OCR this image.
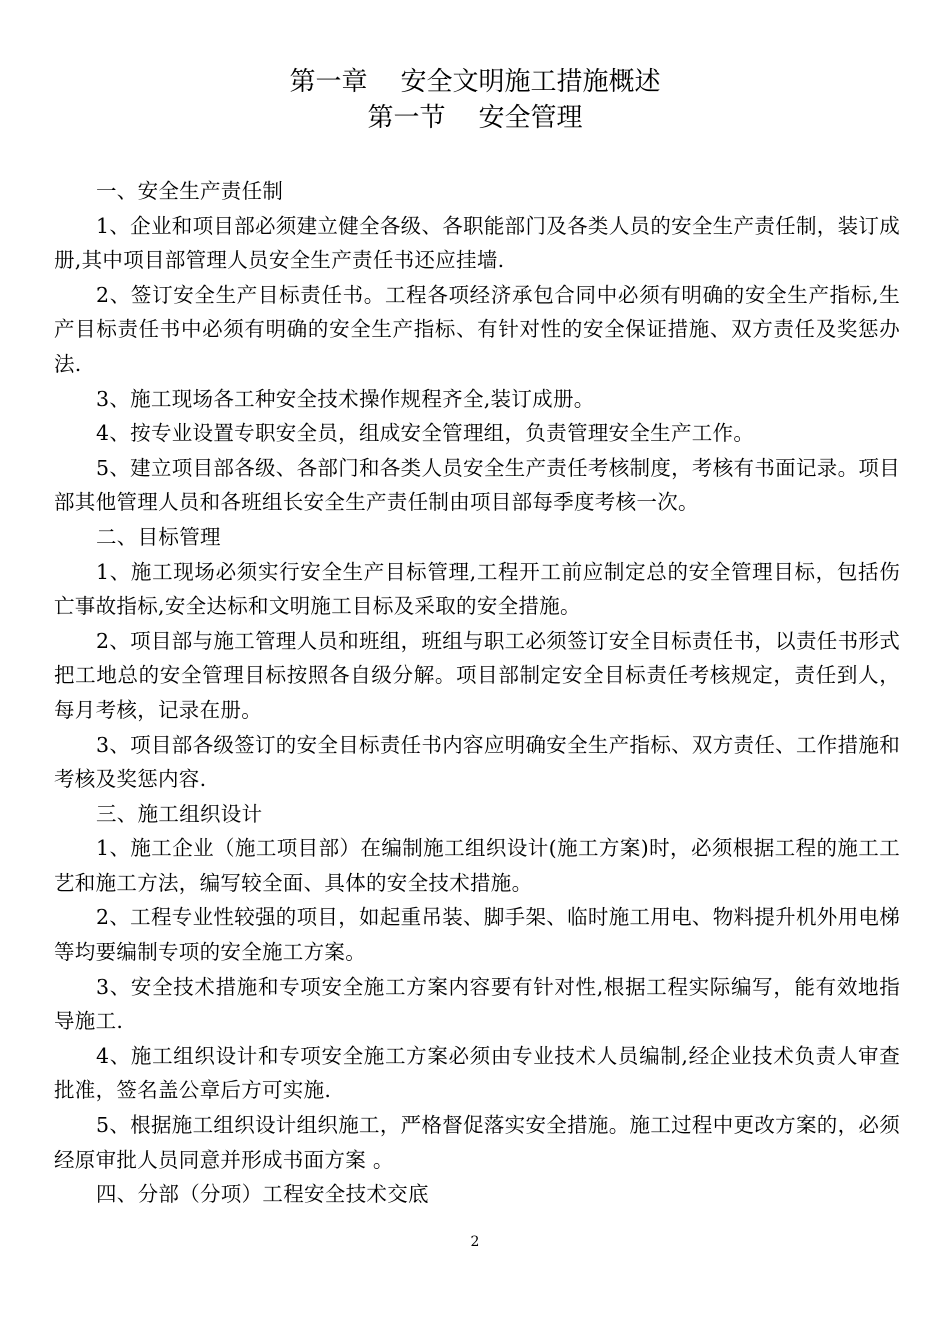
第一章    安全文明施工措施概述
第一节    安全管理

一、安全生产责任制

1、企业和项目部必须建立健全各级、各职能部门及各类人员的安全生产责任制，装订成册,其中项目部管理人员安全生产责任书还应挂墙.

2、签订安全生产目标责任书。工程各项经济承包合同中必须有明确的安全生产指标,生产目标责任书中必须有明确的安全生产指标、有针对性的安全保证措施、双方责任及奖惩办法.

3、施工现场各工种安全技术操作规程齐全,装订成册。

4、按专业设置专职安全员，组成安全管理组，负责管理安全生产工作。

5、建立项目部各级、各部门和各类人员安全生产责任考核制度，考核有书面记录。项目部其他管理人员和各班组长安全生产责任制由项目部每季度考核一次。

二、目标管理

1、施工现场必须实行安全生产目标管理,工程开工前应制定总的安全管理目标，包括伤亡事故指标,安全达标和文明施工目标及采取的安全措施。

2、项目部与施工管理人员和班组，班组与职工必须签订安全目标责任书，以责任书形式把工地总的安全管理目标按照各自级分解。项目部制定安全目标责任考核规定，责任到人，每月考核，记录在册。

3、项目部各级签订的安全目标责任书内容应明确安全生产指标、双方责任、工作措施和考核及奖惩内容.

三、施工组织设计

1、施工企业（施工项目部）在编制施工组织设计(施工方案)时，必须根据工程的施工工艺和施工方法，编写较全面、具体的安全技术措施。

2、工程专业性较强的项目，如起重吊装、脚手架、临时施工用电、物料提升机外用电梯等均要编制专项的安全施工方案。

3、安全技术措施和专项安全施工方案内容要有针对性,根据工程实际编写，能有效地指导施工.

4、施工组织设计和专项安全施工方案必须由专业技术人员编制,经企业技术负责人审查批准，签名盖公章后方可实施.

5、根据施工组织设计组织施工，严格督促落实安全措施。施工过程中更改方案的，必须经原审批人员同意并形成书面方案 。

四、分部（分项）工程安全技术交底

2
